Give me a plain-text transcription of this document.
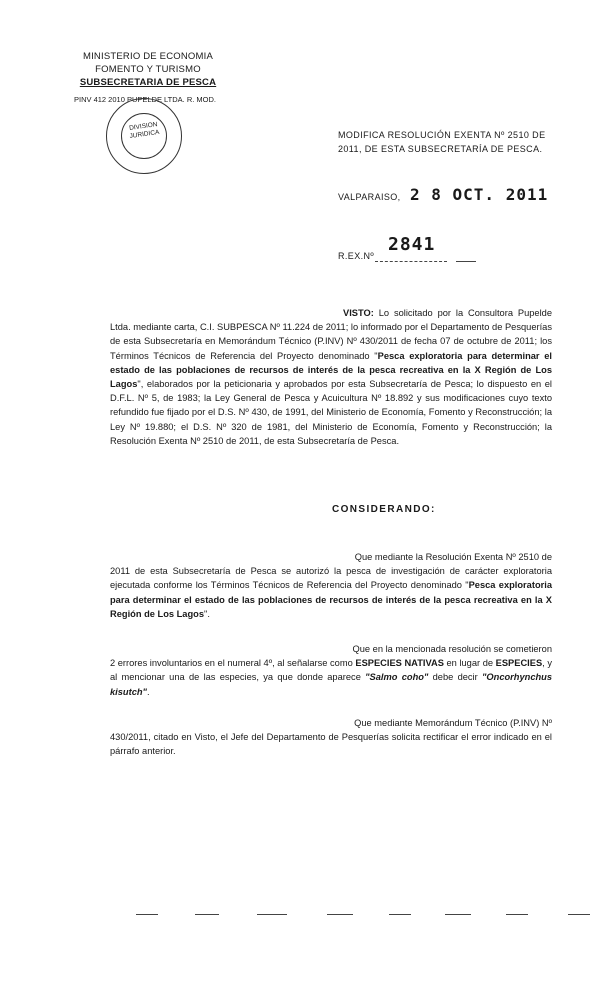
MINISTERIO DE ECONOMIA
FOMENTO Y TURISMO
SUBSECRETARIA DE PESCA
PINV 412 2010 PUPELDE LTDA. R. MOD.
DIVISION JURIDICA	MODIFICA RESOLUCIÓN EXENTA Nº 2510 DE
2011, DE ESTA SUBSECRETARÍA DE PESCA.
VALPARAISO, 2 8 OCT. 2011
R.EX.Nº
2841
VISTO: Lo solicitado por la Consultora Pupelde Ltda. mediante carta, C.I. SUBPESCA Nº 11.224 de 2011; lo informado por el Departamento de Pesquerías de esta Subsecretaría en Memorándum Técnico (P.INV) Nº 430/2011 de fecha 07 de octubre de 2011; los Términos Técnicos de Referencia del Proyecto denominado "Pesca exploratoria para determinar el estado de las poblaciones de recursos de interés de la pesca recreativa en la X Región de Los Lagos", elaborados por la peticionaria y aprobados por esta Subsecretaría de Pesca; lo dispuesto en el D.F.L. Nº 5, de 1983; la Ley General de Pesca y Acuicultura Nº 18.892 y sus modificaciones cuyo texto refundido fue fijado por el D.S. Nº 430, de 1991, del Ministerio de Economía, Fomento y Reconstrucción; la Ley Nº 19.880; el D.S. Nº 320 de 1981, del Ministerio de Economía, Fomento y Reconstrucción; la Resolución Exenta Nº 2510 de 2011, de esta Subsecretaría de Pesca.
CONSIDERANDO:
Que mediante la Resolución Exenta Nº 2510 de
2011 de esta Subsecretaría de Pesca se autorizó la pesca de investigación de carácter exploratoria ejecutada conforme los Términos Técnicos de Referencia del Proyecto denominado "Pesca exploratoria para determinar el estado de las poblaciones de recursos de interés de la pesca recreativa en la X Región de Los Lagos".
Que en la mencionada resolución se cometieron
2 errores involuntarios en el numeral 4º, al señalarse como ESPECIES NATIVAS en lugar de ESPECIES, y al mencionar una de las especies, ya que donde aparece "Salmo coho" debe decir "Oncorhynchus kisutch".
Que mediante Memorándum Técnico (P.INV) Nº
430/2011, citado en Visto, el Jefe del Departamento de Pesquerías solicita rectificar el error indicado en el párrafo anterior.
